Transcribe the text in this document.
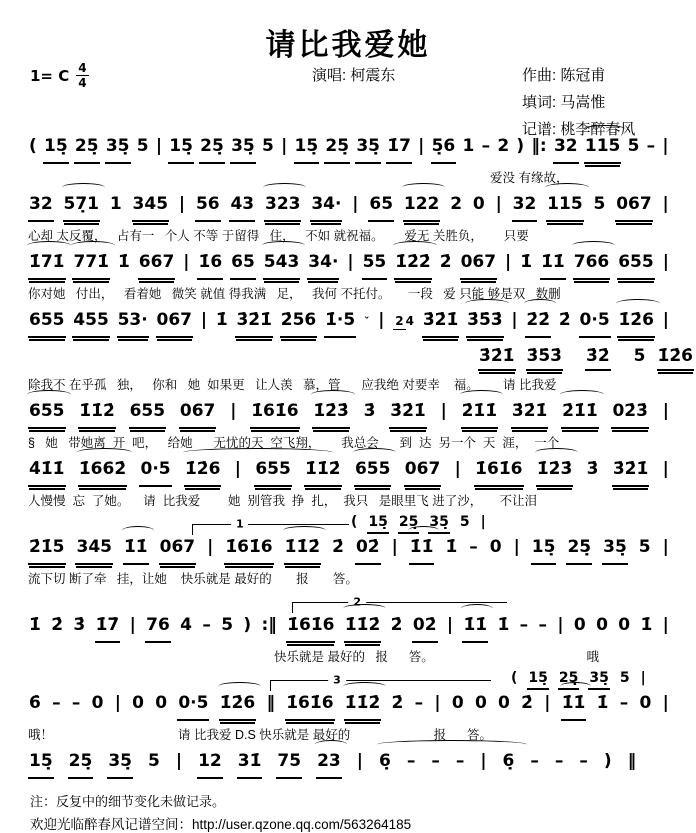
请比我爱她
1= C $\frac{4}{4}$	演唱: 柯震东	作曲: 陈冠甫
填词: 马嵩惟
记谱: 桃李醉春风
( 15̣ 25̣ 35̣ 5 | 15̣ 25̣ 35̣ 5 | 15̣ 25̣ 35̣ 1̇7 | 5̣6 1 – 2 ) ‖: 32 115 5 – |
爱没 有缘故，
32 57̣1 1 345 | 56 43 323 34· | 65 122 2 0 | 32 115 5 067 |
心却 太反覆，   占有一   个人 不等 于留得   住，   不如 就祝福。      爱无 关胜负，      只要
1̇71̇ 771̇ 1̇ 667 | 1̇6 65 543 34· | 55 1̇2̇2̇ 2̇ 067 | 1̇ 1̇1̇ 766 655 |
你对她   付出，   看着她   微笑 就值 得我满   足，   我何 不托付。     一段   爱 只能 够是双   数删
655 455 53· 067 | 1̇ 3̇2̇1̇ 2̇56 1̇·5 ˇ | 2 4 3̇2̇1̇ 3̇5̇3̇ | 2̇2̇ 2̇ 0·5 1̇2̇6 |
3̇2̇1̇ 3̇5̇3̇ 3̇2̇ 5 1̇2̇6̇
除我不 在乎孤   独，   你和   她  如果更   让人羡   慕，管      应我绝 对要幸    福。       请 比我爱
655 1̇1̇2̇ 655 067 | 1̇61̇6 1̇2̇3̇ 3̇ 3̇2̇1̇ | 2̇1̇1̇ 3̇2̇1̇ 2̇1̇1̇ 02̇3̇ |
§   她   带她离  开  吧，   给她      无忧的天  空飞翔，      我总会      到  达  另一个  天  涯，  一个
4̇1̇1̇ 1̇662̇ 0·5 1̇2̇6 | 655 1̇1̇2̇ 655 067 | 1̇61̇6 1̇2̇3̇ 3̇ 3̇2̇1̇ |
人慢慢  忘  了她。    请  比我爱        她  别管我  挣  扎，  我只   是眼里飞 进了沙，     不让泪
1	( 15̣ 25̣ 35̣ 5 |
2̇1̇5 345 1̇1̇ 067 | 1̇61̇6 1̇1̇2̇ 2̇ 02̇ | 1̇1̇ 1̇ – 0 | 15̣ 25̣ 35̣ 5 |
流下切 断了牵   挂，让她    快乐就是 最好的       报       答。
2
1̇ 2̇ 3̇ 1̇7̇ | 76 4 – 5 ) :‖ 1̇61̇6 1̇1̇2̇ 2̇ 02̇ | 1̇1̇ 1̇ – – | 0 0 0 1̇ |
快乐就是 最好的   报      答。                                            哦
3	( 15̣ 25̣ 35̣ 5 |
6̇ – – 0 | 0 0 0·5 1̇2̇6 ‖ 1̇61̇6 1̇1̇2̇ 2̇ – | 0 0 0 2̇ | 1̇1̇ 1̇ – 0 |
哦！                                    请 比我爱 D.S 快乐就是 最好的                        报      答。
15̣ 25̣ 35̣ 5 | 12 31̇ 75 23 | 6̣ – – – | 6̣ – – – ) ‖
注：反复中的细节变化未做记录。
欢迎光临醉春风记谱空间：http://user.qzone.qq.com/563264185
